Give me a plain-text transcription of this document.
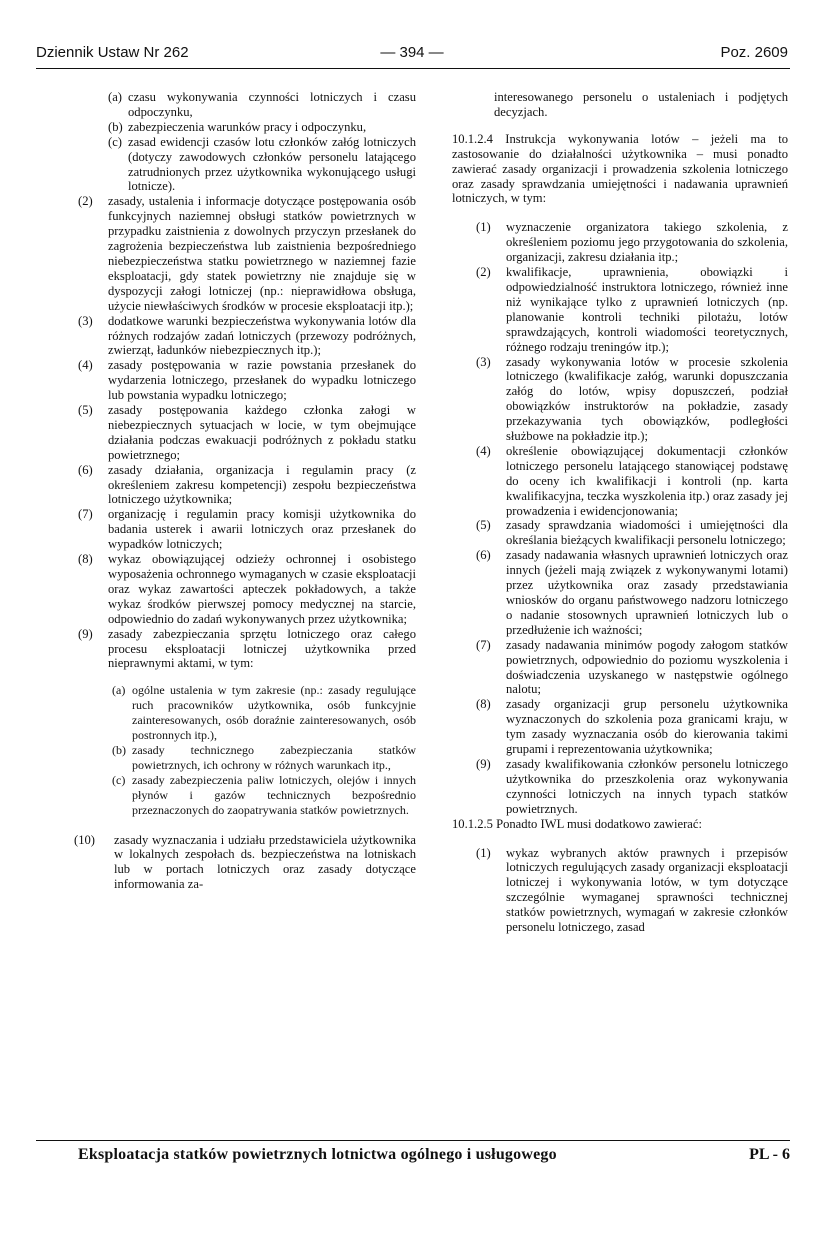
Dziennik Ustaw Nr 262	— 394 —	Poz. 2609
(a) czasu wykonywania czynności lotniczych i czasu odpoczynku,
(b) zabezpieczenia warunków pracy i odpoczynku,
(c) zasad ewidencji czasów lotu członków załóg lotniczych (dotyczy zawodowych członków personelu latającego zatrudnionych przez użytkownika wykonującego usługi lotnicze).
(2) zasady, ustalenia i informacje dotyczące postępowania osób funkcyjnych naziemnej obsługi statków powietrznych w przypadku zaistnienia z dowolnych przyczyn przesłanek do zagrożenia bezpieczeństwa lub zaistnienia bezpośredniego niebezpieczeństwa statku powietrznego w naziemnej fazie eksploatacji, gdy statek powietrzny nie znajduje się w dyspozycji załogi lotniczej (np.: nieprawidłowa obsługa, użycie niewłaściwych środków w procesie eksploatacji itp.);
(3) dodatkowe warunki bezpieczeństwa wykonywania lotów dla różnych rodzajów zadań lotniczych (przewozy podróżnych, zwierząt, ładunków niebezpiecznych itp.);
(4) zasady postępowania w razie powstania przesłanek do wydarzenia lotniczego, przesłanek do wypadku lotniczego lub powstania wypadku lotniczego;
(5) zasady postępowania każdego członka załogi w niebezpiecznych sytuacjach w locie, w tym obejmujące działania podczas ewakuacji podróżnych z pokładu statku powietrznego;
(6) zasady działania, organizacja i regulamin pracy (z określeniem zakresu kompetencji) zespołu bezpieczeństwa lotniczego użytkownika;
(7) organizację i regulamin pracy komisji użytkownika do badania usterek i awarii lotniczych oraz przesłanek do wypadków lotniczych;
(8) wykaz obowiązującej odzieży ochronnej i osobistego wyposażenia ochronnego wymaganych w czasie eksploatacji oraz wykaz zawartości apteczek pokładowych, a także wykaz środków pierwszej pomocy medycznej na starcie, odpowiednio do zadań wykonywanych przez użytkownika;
(9) zasady zabezpieczania sprzętu lotniczego oraz całego procesu eksploatacji lotniczej użytkownika przed nieprawnymi aktami, w tym:
(a) ogólne ustalenia w tym zakresie (np.: zasady regulujące ruch pracowników użytkownika, osób funkcyjnie zainteresowanych, osób doraźnie zainteresowanych, osób postronnych itp.),
(b) zasady technicznego zabezpieczania statków powietrznych, ich ochrony w różnych warunkach itp.,
(c) zasady zabezpieczenia paliw lotniczych, olejów i innych płynów i gazów technicznych bezpośrednio przeznaczonych do zaopatrywania statków powietrznych.
(10) zasady wyznaczania i udziału przedstawiciela użytkownika w lokalnych zespołach ds. bezpieczeństwa na lotniskach lub w portach lotniczych oraz zasady dotyczące informowania za-
interesowanego personelu o ustaleniach i podjętych decyzjach.
10.1.2.4 Instrukcja wykonywania lotów – jeżeli ma to zastosowanie do działalności użytkownika – musi ponadto zawierać zasady organizacji i prowadzenia szkolenia lotniczego oraz zasady sprawdzania umiejętności i nadawania uprawnień lotniczych, w tym:
(1) wyznaczenie organizatora takiego szkolenia, z określeniem poziomu jego przygotowania do szkolenia, organizacji, zakresu działania itp.;
(2) kwalifikacje, uprawnienia, obowiązki i odpowiedzialność instruktora lotniczego, również inne niż wynikające tylko z uprawnień lotniczych (np. planowanie kontroli techniki pilotażu, lotów sprawdzających, kontroli wiadomości teoretycznych, różnego rodzaju treningów itp.);
(3) zasady wykonywania lotów w procesie szkolenia lotniczego (kwalifikacje załóg, warunki dopuszczania załóg do lotów, wpisy dopuszczeń, podział obowiązków instruktorów na pokładzie, zasady przekazywania tych obowiązków, podległości służbowe na pokładzie itp.);
(4) określenie obowiązującej dokumentacji członków lotniczego personelu latającego stanowiącej podstawę do oceny ich kwalifikacji i kontroli (np. karta kwalifikacyjna, teczka wyszkolenia itp.) oraz zasady jej prowadzenia i ewidencjonowania;
(5) zasady sprawdzania wiadomości i umiejętności dla określania bieżących kwalifikacji personelu lotniczego;
(6) zasady nadawania własnych uprawnień lotniczych oraz innych (jeżeli mają związek z wykonywanymi lotami) przez użytkownika oraz zasady przedstawiania wniosków do organu państwowego nadzoru lotniczego o nadanie stosownych uprawnień lotniczych lub o przedłużenie ich ważności;
(7) zasady nadawania minimów pogody załogom statków powietrznych, odpowiednio do poziomu wyszkolenia i doświadczenia uzyskanego w następstwie ogólnego nalotu;
(8) zasady organizacji grup personelu użytkownika wyznaczonych do szkolenia poza granicami kraju, w tym zasady wyznaczania osób do kierowania takimi grupami i reprezentowania użytkownika;
(9) zasady kwalifikowania członków personelu lotniczego użytkownika do przeszkolenia oraz wykonywania czynności lotniczych na innych typach statków powietrznych.
10.1.2.5 Ponadto IWL musi dodatkowo zawierać:
(1) wykaz wybranych aktów prawnych i przepisów lotniczych regulujących zasady organizacji eksploatacji lotniczej i wykonywania lotów, w tym dotyczące szczególnie wymaganej sprawności technicznej statków powietrznych, wymagań w zakresie członków personelu lotniczego, zasad
Eksploatacja statków powietrznych lotnictwa ogólnego i usługowego	PL - 6
